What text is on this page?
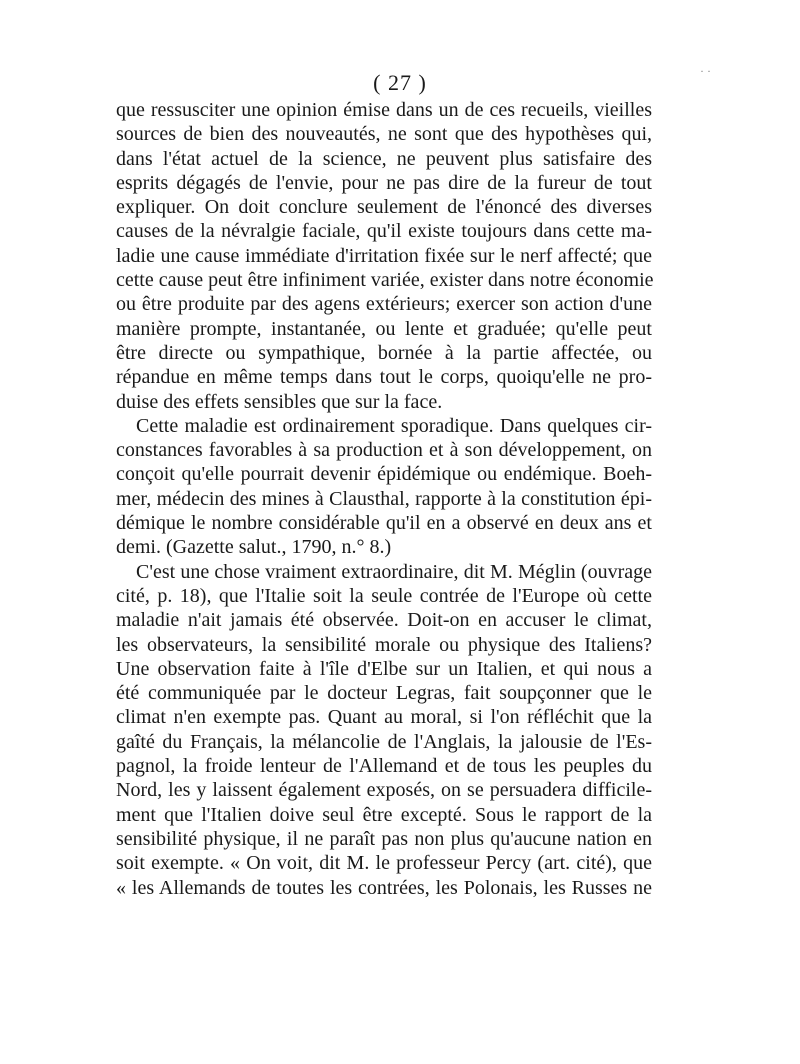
( 27 )	· ·
que ressusciter une opinion émise dans un de ces recueils, vieilles
sources de bien des nouveautés, ne sont que des hypothèses qui,
dans l'état actuel de la science, ne peuvent plus satisfaire des
esprits dégagés de l'envie, pour ne pas dire de la fureur de tout
expliquer. On doit conclure seulement de l'énoncé des diverses
causes de la névralgie faciale, qu'il existe toujours dans cette ma-
ladie une cause immédiate d'irritation fixée sur le nerf affecté; que
cette cause peut être infiniment variée, exister dans notre économie
ou être produite par des agens extérieurs; exercer son action d'une
manière prompte, instantanée, ou lente et graduée; qu'elle peut
être directe ou sympathique, bornée à la partie affectée, ou
répandue en même temps dans tout le corps, quoiqu'elle ne pro-
duise des effets sensibles que sur la face.
Cette maladie est ordinairement sporadique. Dans quelques cir-
constances favorables à sa production et à son développement, on
conçoit qu'elle pourrait devenir épidémique ou endémique. Boeh-
mer, médecin des mines à Clausthal, rapporte à la constitution épi-
démique le nombre considérable qu'il en a observé en deux ans et
demi. (Gazette salut., 1790, n.° 8.)
C'est une chose vraiment extraordinaire, dit M. Méglin (ouvrage
cité, p. 18), que l'Italie soit la seule contrée de l'Europe où cette
maladie n'ait jamais été observée. Doit-on en accuser le climat,
les observateurs, la sensibilité morale ou physique des Italiens?
Une observation faite à l'île d'Elbe sur un Italien, et qui nous a
été communiquée par le docteur Legras, fait soupçonner que le
climat n'en exempte pas. Quant au moral, si l'on réfléchit que la
gaîté du Français, la mélancolie de l'Anglais, la jalousie de l'Es-
pagnol, la froide lenteur de l'Allemand et de tous les peuples du
Nord, les y laissent également exposés, on se persuadera difficile-
ment que l'Italien doive seul être excepté. Sous le rapport de la
sensibilité physique, il ne paraît pas non plus qu'aucune nation en
soit exempte. « On voit, dit M. le professeur Percy (art. cité), que
« les Allemands de toutes les contrées, les Polonais, les Russes ne
